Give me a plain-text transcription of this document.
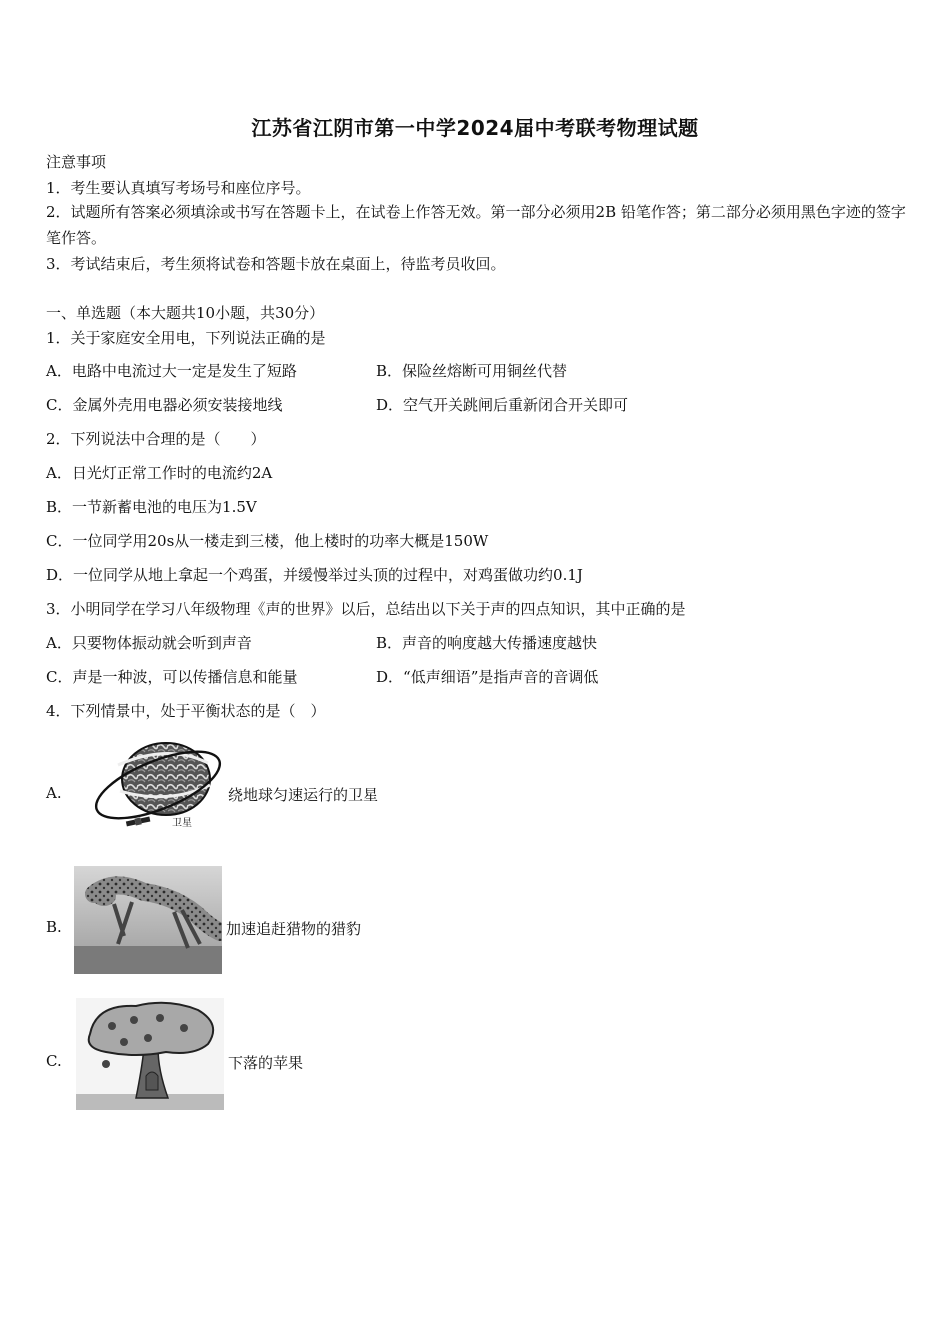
江苏省江阴市第一中学2024届中考联考物理试题
注意事项
1．考生要认真填写考场号和座位序号。
2．试题所有答案必须填涂或书写在答题卡上，在试卷上作答无效。第一部分必须用2B 铅笔作答；第二部分必须用黑色字迹的签字笔作答。
3．考试结束后，考生须将试卷和答题卡放在桌面上，待监考员收回。
一、单选题（本大题共10小题，共30分）
1．关于家庭安全用电，下列说法正确的是
A．电路中电流过大一定是发生了短路	B．保险丝熔断可用铜丝代替
C．金属外壳用电器必须安装接地线	D．空气开关跳闸后重新闭合开关即可
2．下列说法中合理的是（　　）
A．日光灯正常工作时的电流约2A
B．一节新蓄电池的电压为1.5V
C．一位同学用20s从一楼走到三楼，他上楼时的功率大概是150W
D．一位同学从地上拿起一个鸡蛋，并缓慢举过头顶的过程中，对鸡蛋做功约0.1J
3．小明同学在学习八年级物理《声的世界》以后，总结出以下关于声的四点知识，其中正确的是
A．只要物体振动就会听到声音	B．声音的响度越大传播速度越快
C．声是一种波，可以传播信息和能量	D．“低声细语”是指声音的音调低
4．下列情景中，处于平衡状态的是（　）
A.
卫星
绕地球匀速运行的卫星
B.	加速追赶猎物的猎豹
C.	下落的苹果
